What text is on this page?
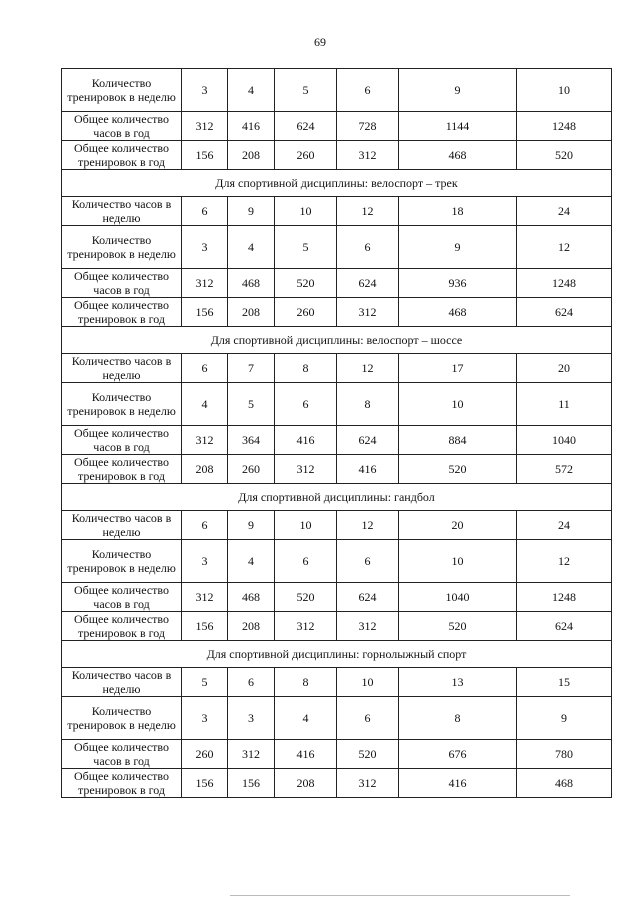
69
Количество тренировок в неделю	3	4	5	6	9	10
Общее количество часов в год	312	416	624	728	1144	1248
Общее количество тренировок в год	156	208	260	312	468	520
Для спортивной дисциплины: велоспорт – трек						
Количество часов в неделю	6	9	10	12	18	24
Количество тренировок в неделю	3	4	5	6	9	12
Общее количество часов в год	312	468	520	624	936	1248
Общее количество тренировок в год	156	208	260	312	468	624
Для спортивной дисциплины: велоспорт – шоссе						
Количество часов в неделю	6	7	8	12	17	20
Количество тренировок в неделю	4	5	6	8	10	11
Общее количество часов в год	312	364	416	624	884	1040
Общее количество тренировок в год	208	260	312	416	520	572
Для спортивной дисциплины: гандбол						
Количество часов в неделю	6	9	10	12	20	24
Количество тренировок в неделю	3	4	6	6	10	12
Общее количество часов в год	312	468	520	624	1040	1248
Общее количество тренировок в год	156	208	312	312	520	624
Для спортивной дисциплины: горнолыжный спорт						
Количество часов в неделю	5	6	8	10	13	15
Количество тренировок в неделю	3	3	4	6	8	9
Общее количество часов в год	260	312	416	520	676	780
Общее количество тренировок в год	156	156	208	312	416	468
